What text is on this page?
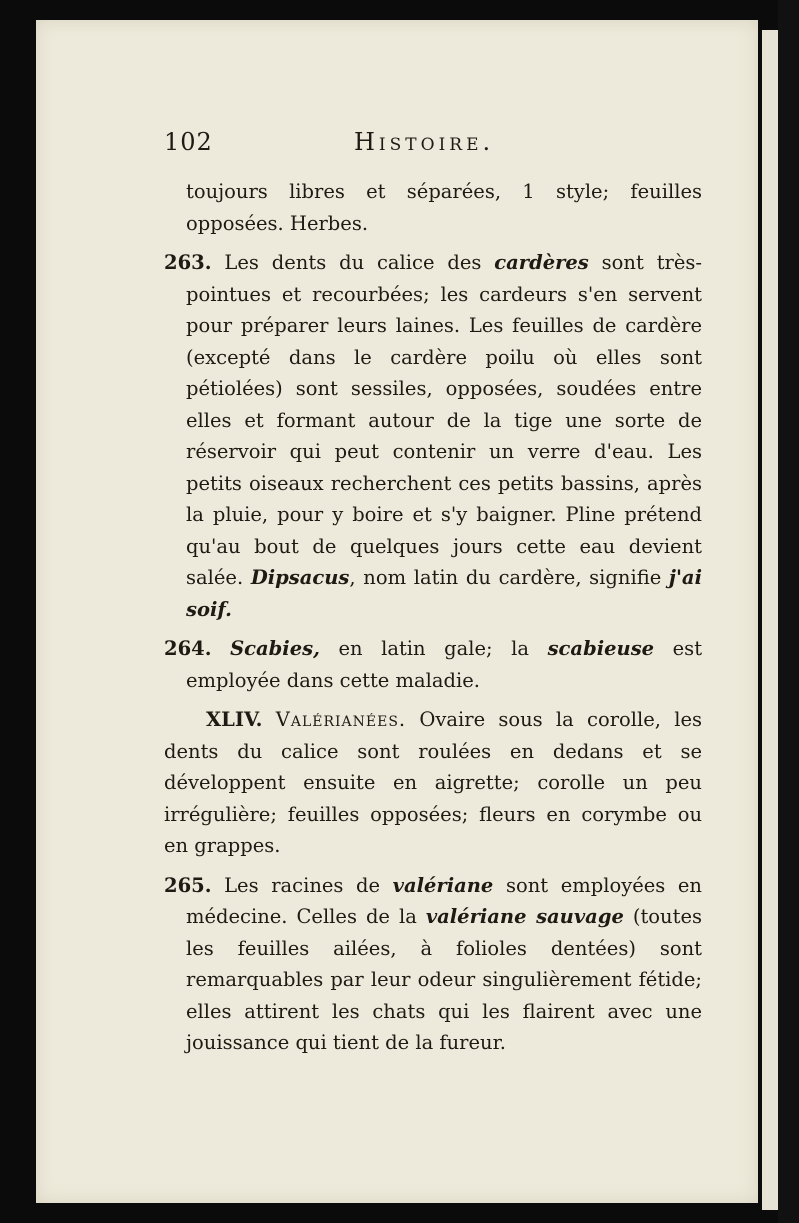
102	Histoire.

toujours libres et séparées, 1 style; feuilles opposées. Herbes.

263. Les dents du calice des cardères sont très-pointues et recourbées; les cardeurs s'en servent pour préparer leurs laines. Les feuilles de cardère (excepté dans le cardère poilu où elles sont pétiolées) sont sessiles, opposées, soudées entre elles et formant autour de la tige une sorte de réservoir qui peut contenir un verre d'eau. Les petits oiseaux recherchent ces petits bassins, après la pluie, pour y boire et s'y baigner. Pline prétend qu'au bout de quelques jours cette eau devient salée. Dipsacus, nom latin du cardère, signifie j'ai soif.

264. Scabies, en latin gale; la scabieuse est employée dans cette maladie.

XLIV. Valérianées. Ovaire sous la corolle, les dents du calice sont roulées en dedans et se développent ensuite en aigrette; corolle un peu irrégulière; feuilles opposées; fleurs en corymbe ou en grappes.

265. Les racines de valériane sont employées en médecine. Celles de la valériane sauvage (toutes les feuilles ailées, à folioles dentées) sont remarquables par leur odeur singulièrement fétide; elles attirent les chats qui les flairent avec une jouissance qui tient de la fureur.
